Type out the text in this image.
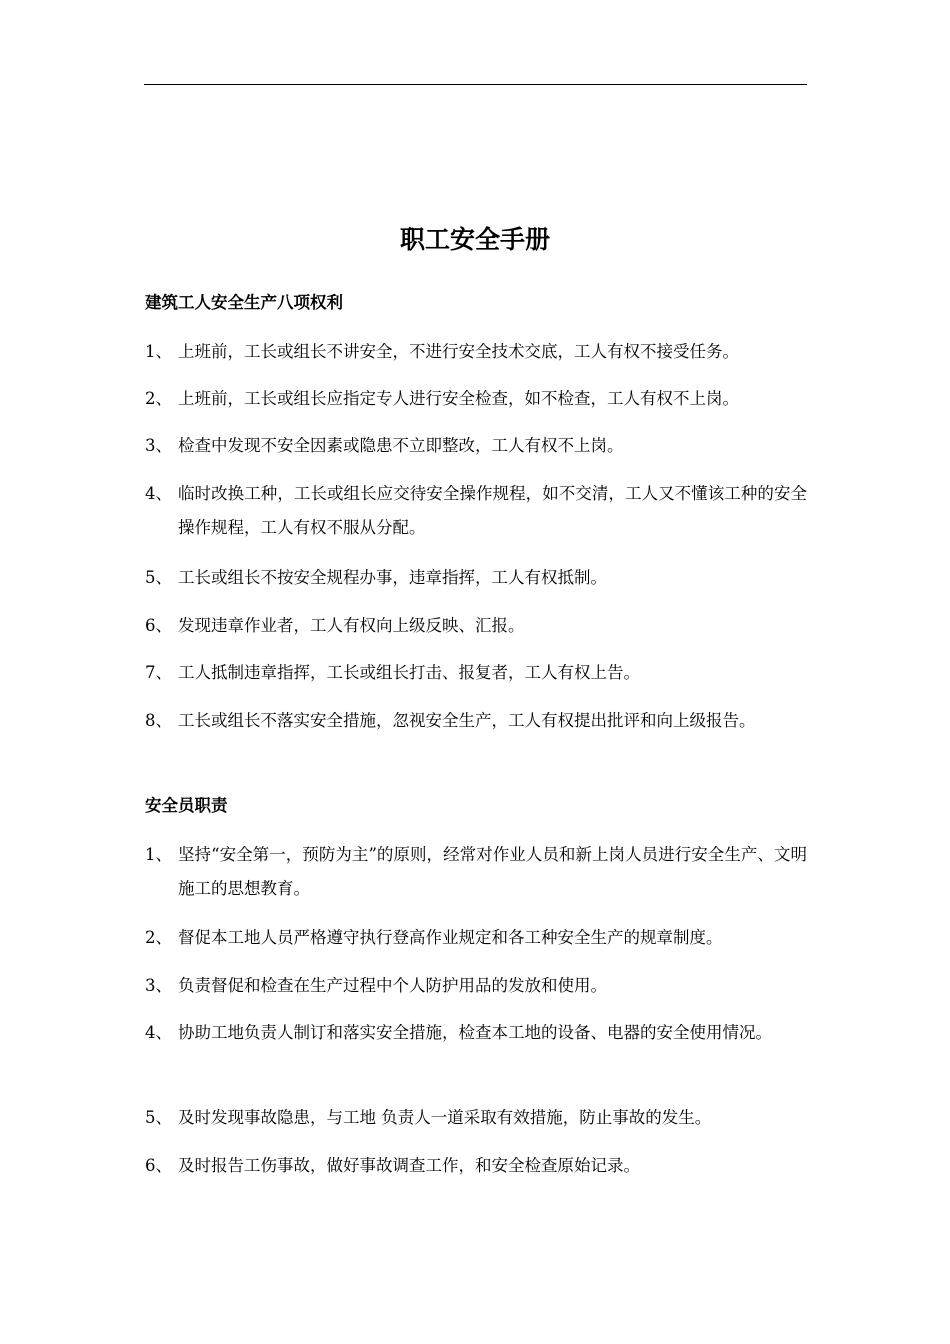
职工安全手册
建筑工人安全生产八项权利
1、 上班前，工长或组长不讲安全，不进行安全技术交底，工人有权不接受任务。
2、 上班前，工长或组长应指定专人进行安全检查，如不检查，工人有权不上岗。
3、 检查中发现不安全因素或隐患不立即整改，工人有权不上岗。
4、 临时改换工种，工长或组长应交待安全操作规程，如不交清，工人又不懂该工种的安全操作规程，工人有权不服从分配。
5、 工长或组长不按安全规程办事，违章指挥，工人有权抵制。
6、 发现违章作业者，工人有权向上级反映、汇报。
7、 工人抵制违章指挥，工长或组长打击、报复者，工人有权上告。
8、 工长或组长不落实安全措施，忽视安全生产，工人有权提出批评和向上级报告。
安全员职责
1、 坚持“安全第一，预防为主”的原则，经常对作业人员和新上岗人员进行安全生产、文明施工的思想教育。
2、 督促本工地人员严格遵守执行登高作业规定和各工种安全生产的规章制度。
3、 负责督促和检查在生产过程中个人防护用品的发放和使用。
4、 协助工地负责人制订和落实安全措施，检查本工地的设备、电器的安全使用情况。
5、 及时发现事故隐患，与工地 负责人一道采取有效措施，防止事故的发生。
6、 及时报告工伤事故，做好事故调查工作，和安全检查原始记录。
